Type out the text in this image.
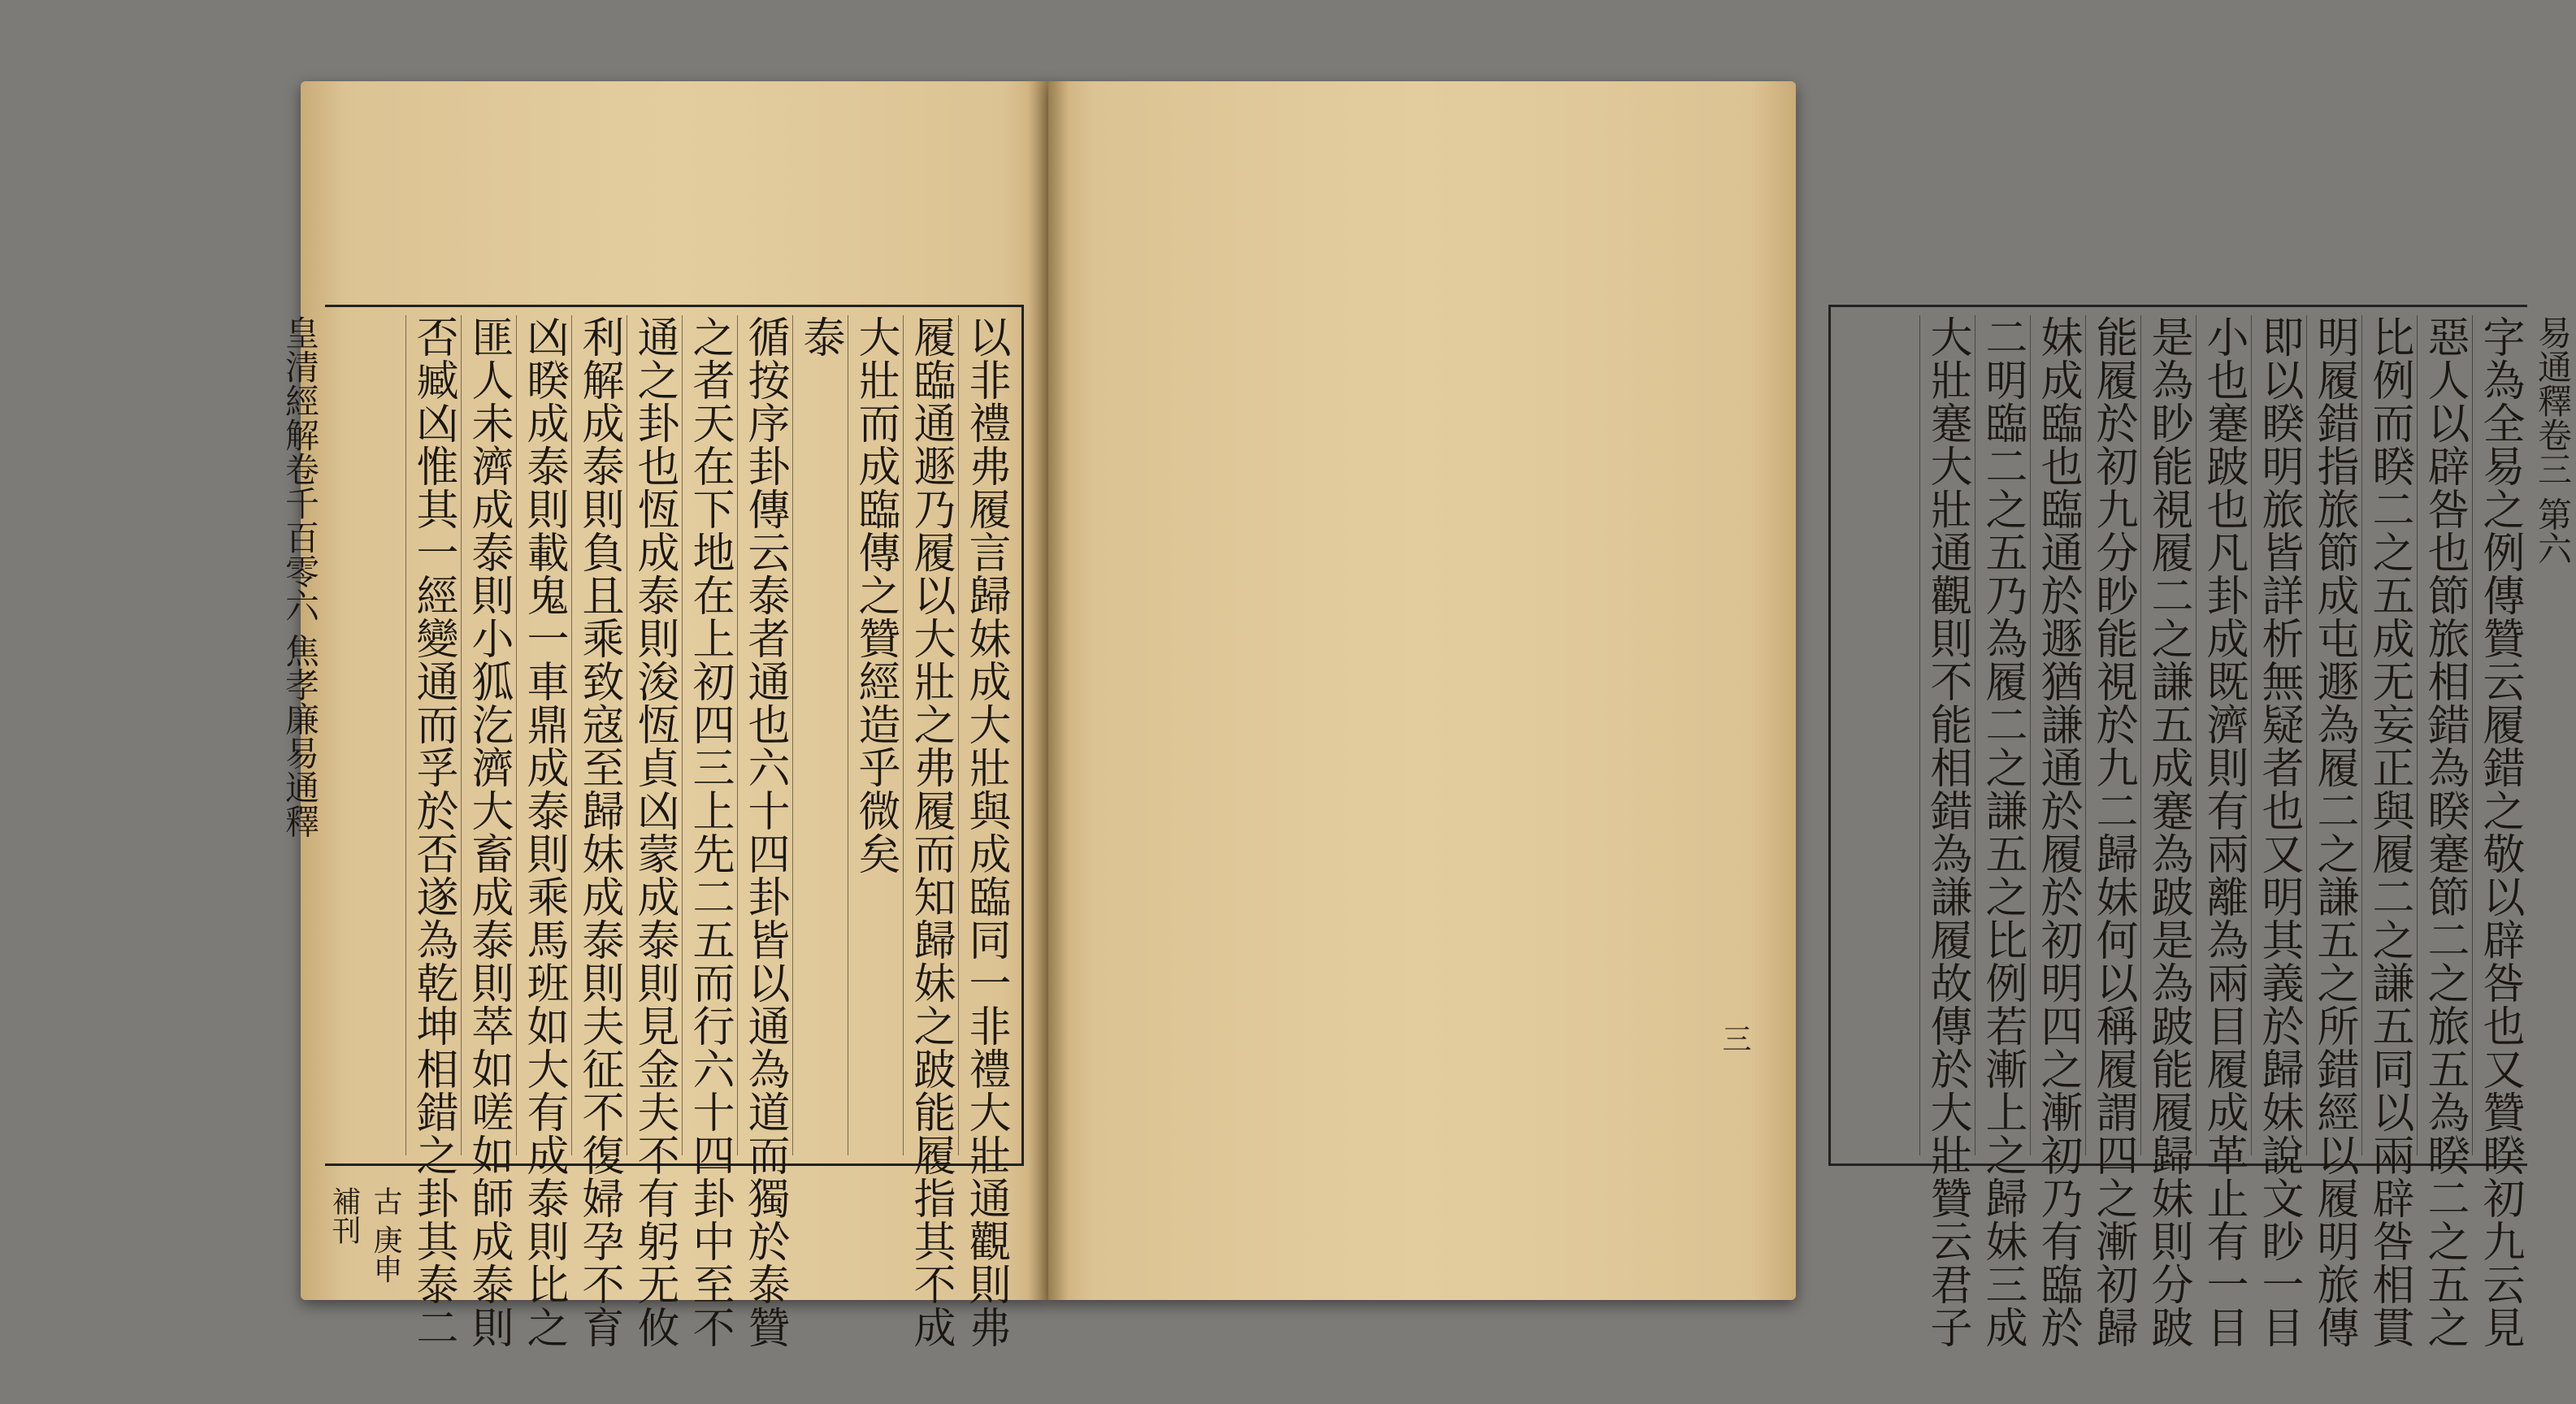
以非禮弗履言歸妹成大壯與成臨同一非禮大壯通觀則弗
履臨通遯乃履以大壯之弗履而知歸妹之跛能履指其不成
大壯而成臨傳之贊經造乎微矣
泰
循按序卦傳云泰者通也六十四卦皆以通為道而獨於泰贊
之者天在下地在上初四三上先二五而行六十四卦中至不
通之卦也恆成泰則浚恆貞凶蒙成泰則見金夫不有躬无攸
利解成泰則負且乘致寇至歸妹成泰則夫征不復婦孕不育
凶睽成泰則載鬼一車鼎成泰則乘馬班如大有成泰則比之
匪人未濟成泰則小狐汔濟大畜成泰則萃如嗟如師成泰則
否臧凶惟其一經變通而孚於否遂為乾坤相錯之卦其泰二
皇清經解卷千百零六 焦孝廉易通釋
古 庚申補刊	字為全易之例傳贊云履錯之敬以辟咎也又贊睽初九云見
惡人以辟咎也節旅相錯為睽蹇節二之旅五為睽二之五之
比例而睽二之五成无妄正與履二之謙五同以兩辟咎相貫
明履錯指旅節成屯遯為履二之謙五之所錯經以履明旅傳
即以睽明旅皆詳析無疑者也又明其義於歸妹說文眇一目
小也蹇跛也凡卦成既濟則有兩離為兩目履成革止有一目
是為眇能視履二之謙五成蹇為跛是為跛能履歸妹則分跛
能履於初九分眇能視於九二歸妹何以稱履謂四之漸初歸
妹成臨也臨通於遯猶謙通於履於初明四之漸初乃有臨於
二明臨二之五乃為履二之謙五之比例若漸上之歸妹三成
大壯蹇大壯通觀則不能相錯為謙履故傳於大壯贊云君子	易通釋卷三 第六
三
